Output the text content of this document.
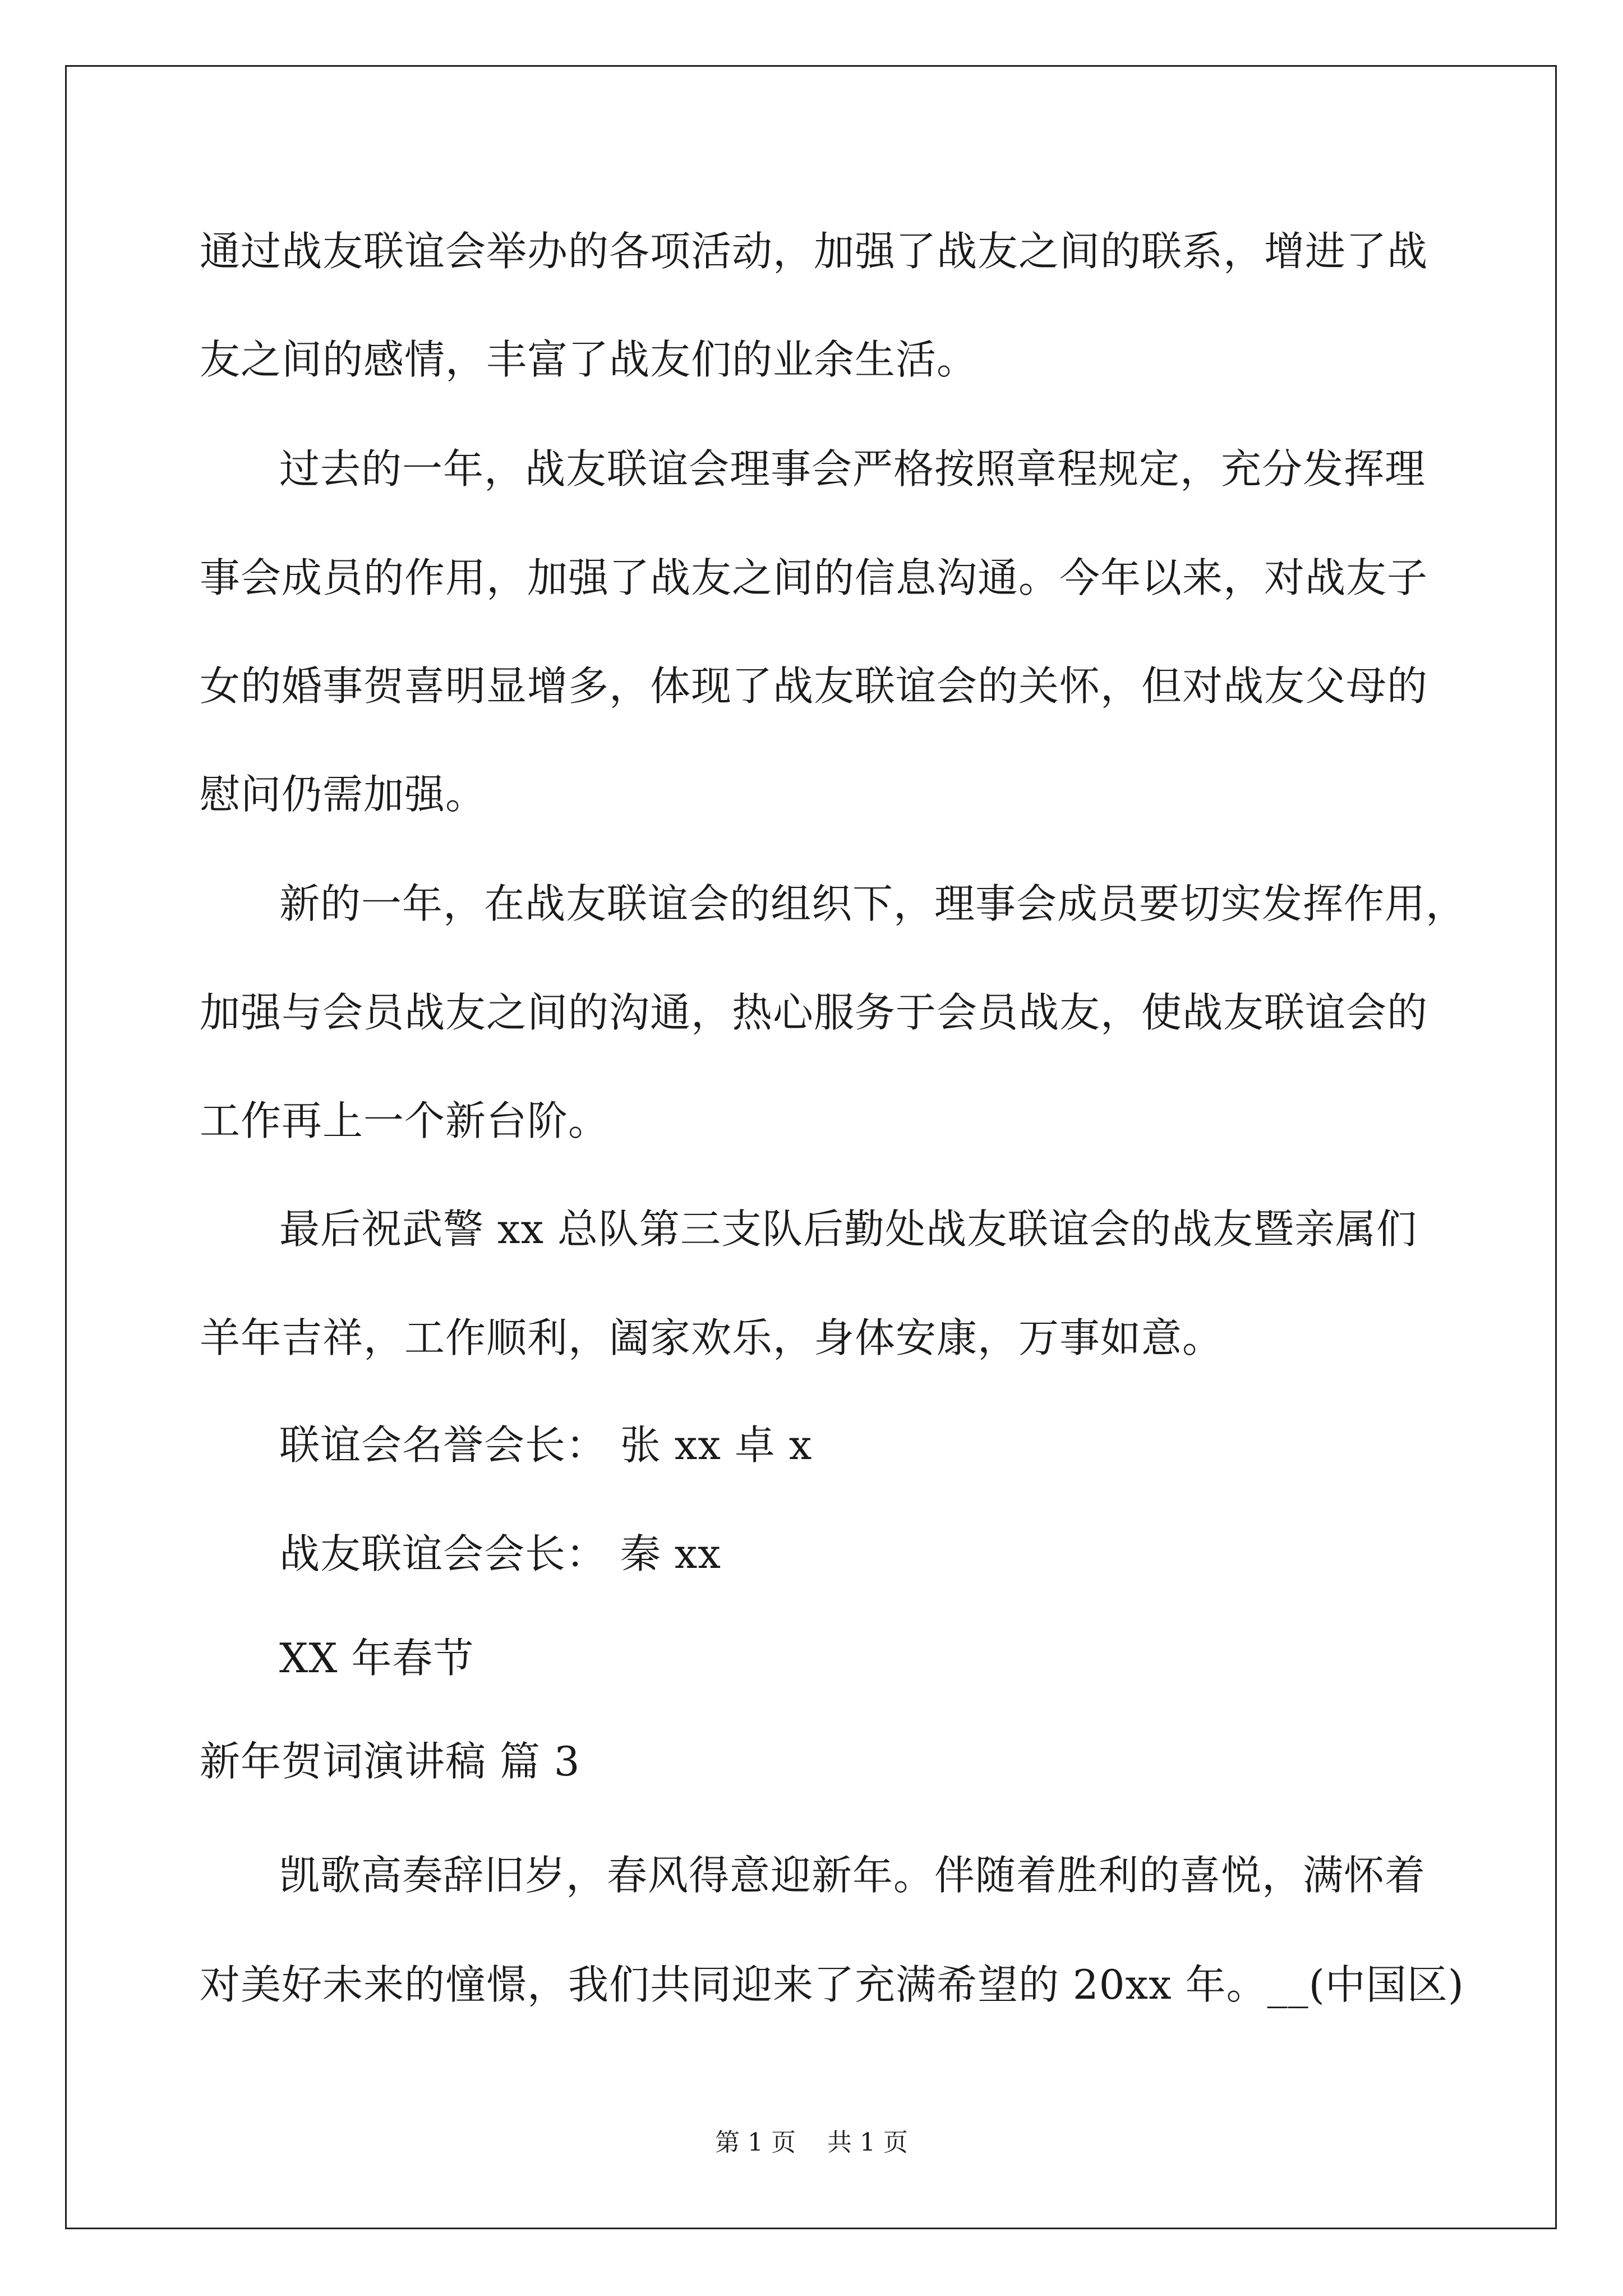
通过战友联谊会举办的各项活动，加强了战友之间的联系，增进了战
友之间的感情，丰富了战友们的业余生活。
过去的一年，战友联谊会理事会严格按照章程规定，充分发挥理
事会成员的作用，加强了战友之间的信息沟通。今年以来，对战友子
女的婚事贺喜明显增多，体现了战友联谊会的关怀，但对战友父母的
慰问仍需加强。
新的一年，在战友联谊会的组织下，理事会成员要切实发挥作用，
加强与会员战友之间的沟通，热心服务于会员战友，使战友联谊会的
工作再上一个新台阶。
最后祝武警 xx 总队第三支队后勤处战友联谊会的战友暨亲属们
羊年吉祥，工作顺利，阖家欢乐，身体安康，万事如意。
联谊会名誉会长： 张 xx 卓 x
战友联谊会会长： 秦 xx
XX 年春节
新年贺词演讲稿 篇 3
凯歌高奏辞旧岁，春风得意迎新年。伴随着胜利的喜悦，满怀着
对美好未来的憧憬，我们共同迎来了充满希望的 20xx 年。__(中国区)
第 1 页    共 1 页
